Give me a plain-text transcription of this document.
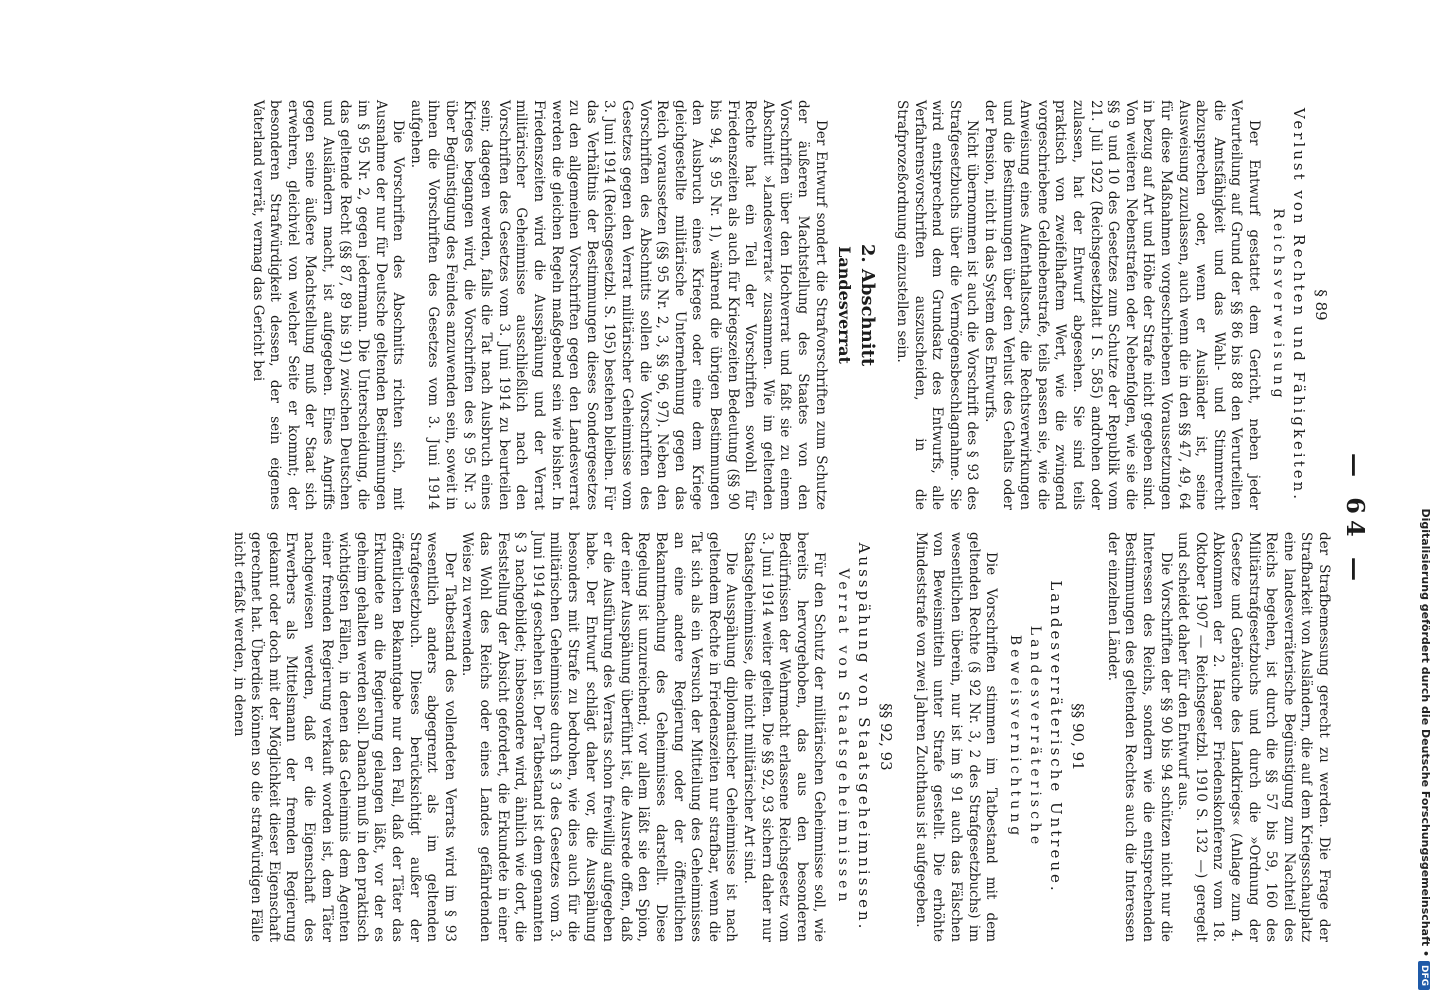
— 64 —
§ 89
Verlust von Rechten und Fähigkeiten.
Reichsverweisung

Der Entwurf gestattet dem Gericht, neben jeder Verurteilung auf Grund der §§ 86 bis 88 den Verurteilten die Amtsfähigkeit und das Wahl- und Stimmrecht abzusprechen oder, wenn er Ausländer ist, seine Ausweisung zuzulassen, auch wenn die in den §§ 47, 49, 64 für diese Maßnahmen vorgeschriebenen Voraussetzungen in bezug auf Art und Höhe der Strafe nicht gegeben sind. Von weiteren Nebenstrafen oder Nebenfolgen, wie sie die §§ 9 und 10 des Gesetzes zum Schutze der Republik vom 21. Juli 1922 (Reichsgesetzblatt I S. 585) androhen oder zulassen, hat der Entwurf abgesehen. Sie sind teils praktisch von zweifelhaftem Wert, wie die zwingend vorgeschriebene Geldnebenstrafe, teils passen sie, wie die Anweisung eines Aufenthaltsorts, die Rechtsverwirkungen und die Bestimmungen über den Verlust des Gehalts oder der Pension, nicht in das System des Entwurfs.

Nicht übernommen ist auch die Vorschrift des § 93 des Strafgesetzbuchs über die Vermögensbeschlagnahme. Sie wird entsprechend dem Grundsatz des Entwurfs, alle Verfahrensvorschriften auszuscheiden, in die Strafprozeßordnung einzustellen sein.

2. Abschnitt
Landesverrat

Der Entwurf sondert die Strafvorschriften zum Schutze der äußeren Machtstellung des Staates von den Vorschriften über den Hochverrat und faßt sie zu einem Abschnitt »Landesverrat« zusammen. Wie im geltenden Rechte hat ein Teil der Vorschriften sowohl für Friedenszeiten als auch für Kriegszeiten Bedeutung (§§ 90 bis 94, § 95 Nr. 1), während die übrigen Bestimmungen den Ausbruch eines Krieges oder eine dem Kriege gleichgestellte militärische Unternehmung gegen das Reich voraussetzen (§§ 95 Nr. 2, 3, §§ 96, 97). Neben den Vorschriften des Abschnitts sollen die Vorschriften des Gesetzes gegen den Verrat militärischer Geheimnisse vom 3. Juni 1914 (Reichsgesetzbl. S. 195) bestehen bleiben. Für das Verhältnis der Bestimmungen dieses Sondergesetzes zu den allgemeinen Vorschriften gegen den Landesverrat werden die gleichen Regeln maßgebend sein wie bisher. In Friedenszeiten wird die Ausspähung und der Verrat militärischer Geheimnisse ausschließlich nach den Vorschriften des Gesetzes vom 3. Juni 1914 zu beurteilen sein; dagegen werden, falls die Tat nach Ausbruch eines Krieges begangen wird, die Vorschriften des § 95 Nr. 3 über Begünstigung des Feindes anzuwenden sein, soweit in ihnen die Vorschriften des Gesetzes vom 3. Juni 1914 aufgehen.

Die Vorschriften des Abschnitts richten sich, mit Ausnahme der nur für Deutsche geltenden Bestimmungen im § 95 Nr. 2, gegen jedermann. Die Unterscheidung, die das geltende Recht (§§ 87, 89 bis 91) zwischen Deutschen und Ausländern macht, ist aufgegeben. Eines Angriffs gegen seine äußere Machtstellung muß der Staat sich erwehren, gleichviel von welcher Seite er kommt; der besonderen Strafwürdigkeit dessen, der sein eigenes Vaterland verrät, vermag das Gericht bei

der Strafbemessung gerecht zu werden. Die Frage der Strafbarkeit von Ausländern, die auf dem Kriegsschauplatz eine landesverräterische Begünstigung zum Nachteil des Reichs begehen, ist durch die §§ 57 bis 59, 160 des Militärstrafgesetzbuchs und durch die »Ordnung der Gesetze und Gebräuche des Landkriegs« (Anlage zum 4. Abkommen der 2. Haager Friedenskonferenz vom 18. Oktober 1907 — Reichsgesetzbl. 1910 S. 132 —) geregelt und scheidet daher für den Entwurf aus.

Die Vorschriften der §§ 90 bis 94 schützen nicht nur die Interessen des Reichs, sondern wie die entsprechenden Bestimmungen des geltenden Rechtes auch die Interessen der einzelnen Länder.

§§ 90, 91
Landesverräterische Untreue.
Landesverräterische Beweisvernichtung

Die Vorschriften stimmen im Tatbestand mit dem geltenden Rechte (§ 92 Nr. 3, 2 des Strafgesetzbuchs) im wesentlichen überein, nur ist im § 91 auch das Fälschen von Beweismitteln unter Strafe gestellt. Die erhöhte Mindeststrafe von zwei Jahren Zuchthaus ist aufgegeben.

§§ 92, 93
Ausspähung von Staatsgeheimnissen.
Verrat von Staatsgeheimnissen

Für den Schutz der militärischen Geheimnisse soll, wie bereits hervorgehoben, das aus den besonderen Bedürfnissen der Wehrmacht erlassene Reichsgesetz vom 3. Juni 1914 weiter gelten. Die §§ 92, 93 sichern daher nur Staatsgeheimnisse, die nicht militärischer Art sind.

Die Ausspähung diplomatischer Geheimnisse ist nach geltendem Rechte in Friedenszeiten nur strafbar, wenn die Tat sich als ein Versuch der Mitteilung des Geheimnisses an eine andere Regierung oder der öffentlichen Bekanntmachung des Geheimnisses darstellt. Diese Regelung ist unzureichend; vor allem läßt sie den Spion, der einer Ausspähung überführt ist, die Ausrede offen, daß er die Ausführung des Verrats schon freiwillig aufgegeben habe. Der Entwurf schlägt daher vor, die Ausspähung besonders mit Strafe zu bedrohen, wie dies auch für die militärischen Geheimnisse durch § 3 des Gesetzes vom 3. Juni 1914 geschehen ist. Der Tatbestand ist dem genannten § 3 nachgebildet; insbesondere wird, ähnlich wie dort, die Feststellung der Absicht gefordert, die Erkundete in einer das Wohl des Reichs oder eines Landes gefährdenden Weise zu verwenden.

Der Tatbestand des vollendeten Verrats wird im § 93 wesentlich anders abgegrenzt als im geltenden Strafgesetzbuch. Dieses berücksichtigt außer der öffentlichen Bekanntgabe nur den Fall, daß der Täter das Erkundete an die Regierung gelangen läßt, vor der es geheim gehalten werden soll. Danach muß in den praktisch wichtigsten Fällen, in denen das Geheimnis dem Agenten einer fremden Regierung verkauft worden ist, dem Täter nachgewiesen werden, daß er die Eigenschaft des Erwerbers als Mittelsmann der fremden Regierung gekannt oder doch mit der Möglichkeit dieser Eigenschaft gerechnet hat. Überdies können so die strafwürdigen Fälle nicht erfaßt werden, in denen	Digitalisierung gefördert durch die Deutsche Forschungsgemeinschaft •DFG
